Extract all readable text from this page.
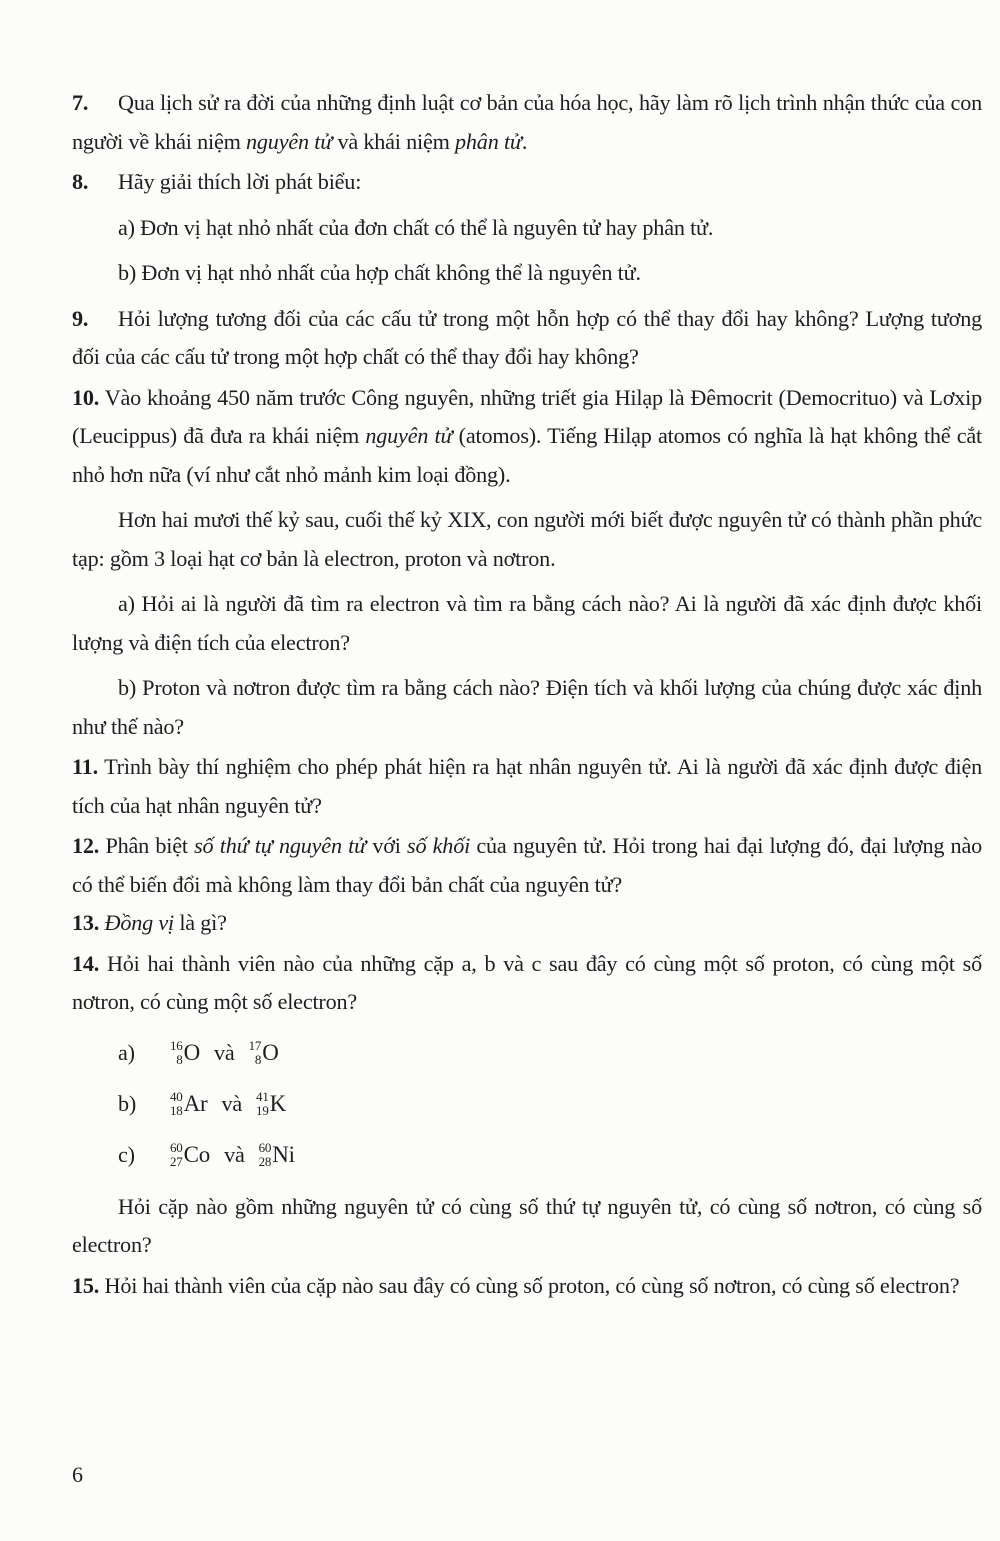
7. Qua lịch sử ra đời của những định luật cơ bản của hóa học, hãy làm rõ lịch trình nhận thức của con người về khái niệm nguyên tử và khái niệm phân tử.

8. Hãy giải thích lời phát biểu:

a) Đơn vị hạt nhỏ nhất của đơn chất có thể là nguyên tử hay phân tử.

b) Đơn vị hạt nhỏ nhất của hợp chất không thể là nguyên tử.

9. Hỏi lượng tương đối của các cấu tử trong một hỗn hợp có thể thay đổi hay không? Lượng tương đối của các cấu tử trong một hợp chất có thể thay đổi hay không?

10. Vào khoảng 450 năm trước Công nguyên, những triết gia Hilạp là Đêmocrit (Democrituo) và Lơxip (Leucippus) đã đưa ra khái niệm nguyên tử (atomos). Tiếng Hilạp atomos có nghĩa là hạt không thể cắt nhỏ hơn nữa (ví như cắt nhỏ mảnh kim loại đồng).

Hơn hai mươi thế kỷ sau, cuối thế kỷ XIX, con người mới biết được nguyên tử có thành phần phức tạp: gồm 3 loại hạt cơ bản là electron, proton và nơtron.

a) Hỏi ai là người đã tìm ra electron và tìm ra bằng cách nào? Ai là người đã xác định được khối lượng và điện tích của electron?

b) Proton và nơtron được tìm ra bằng cách nào? Điện tích và khối lượng của chúng được xác định như thế nào?

11. Trình bày thí nghiệm cho phép phát hiện ra hạt nhân nguyên tử. Ai là người đã xác định được điện tích của hạt nhân nguyên tử?

12. Phân biệt số thứ tự nguyên tử với số khối của nguyên tử. Hỏi trong hai đại lượng đó, đại lượng nào có thể biến đổi mà không làm thay đổi bản chất của nguyên tử?

13. Đồng vị là gì?

14. Hỏi hai thành viên nào của những cặp a, b và c sau đây có cùng một số proton, có cùng một số nơtron, có cùng một số electron?

a)	16
8 O và 17
8 O
b)	40
18 Ar và 41
19 K
c)	60
27 Co và 60
28 Ni

Hỏi cặp nào gồm những nguyên tử có cùng số thứ tự nguyên tử, có cùng số nơtron, có cùng số electron?

15. Hỏi hai thành viên của cặp nào sau đây có cùng số proton, có cùng số nơtron, có cùng số electron?

6
